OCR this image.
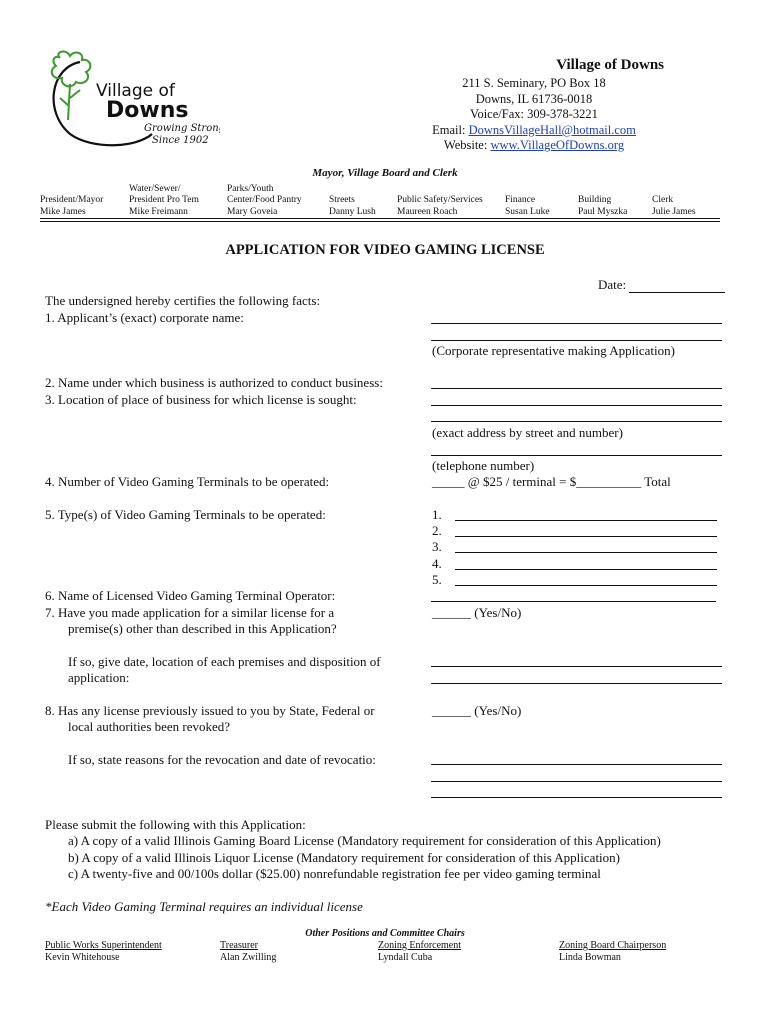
Village of
Downs
Growing Strong
Since 1902
Village of Downs
211 S. Seminary, PO Box 18
Downs, IL 61736-0018
Voice/Fax: 309-378-3221
Email: DownsVillageHall@hotmail.com
Website: www.VillageOfDowns.org
Mayor, Village Board and Clerk
President/Mayor
Mike James
Water/Sewer/
President Pro Tem
Mike Freimann
Parks/Youth
Center/Food Pantry
Mary Goveia
Streets
Danny Lush
Public Safety/Services
Maureen Roach
Finance
Susan Luke
Building
Paul Myszka
Clerk
Julie James
APPLICATION FOR VIDEO GAMING LICENSE
Date:
The undersigned hereby certifies the following facts:
1. Applicant’s (exact) corporate name:
(Corporate representative making Application)
2. Name under which business is authorized to conduct business:
3. Location of place of business for which license is sought:
(exact address by street and number)
(telephone number)
4. Number of Video Gaming Terminals to be operated:	_____ @ $25 / terminal = $__________ Total
5. Type(s) of Video Gaming Terminals to be operated:	1.
2.
3.
4.
5.
6. Name of Licensed Video Gaming Terminal Operator:
7. Have you made application for a similar license for a
premise(s) other than described in this Application?
______ (Yes/No)
If so, give date, location of each premises and disposition of
application:
8. Has any license previously issued to you by State, Federal or
local authorities been revoked?
______ (Yes/No)
If so, state reasons for the revocation and date of revocatio:
Please submit the following with this Application:
a) A copy of a valid Illinois Gaming Board License (Mandatory requirement for consideration of this Application)
b) A copy of a valid Illinois Liquor License (Mandatory requirement for consideration of this Application)
c) A twenty-five and 00/100s dollar ($25.00) nonrefundable registration fee per video gaming terminal
*Each Video Gaming Terminal requires an individual license
Other Positions and Committee Chairs
Public Works Superintendent
Kevin Whitehouse
Treasurer
Alan Zwilling
Zoning Enforcement
Lyndall Cuba
Zoning Board Chairperson
Linda Bowman
